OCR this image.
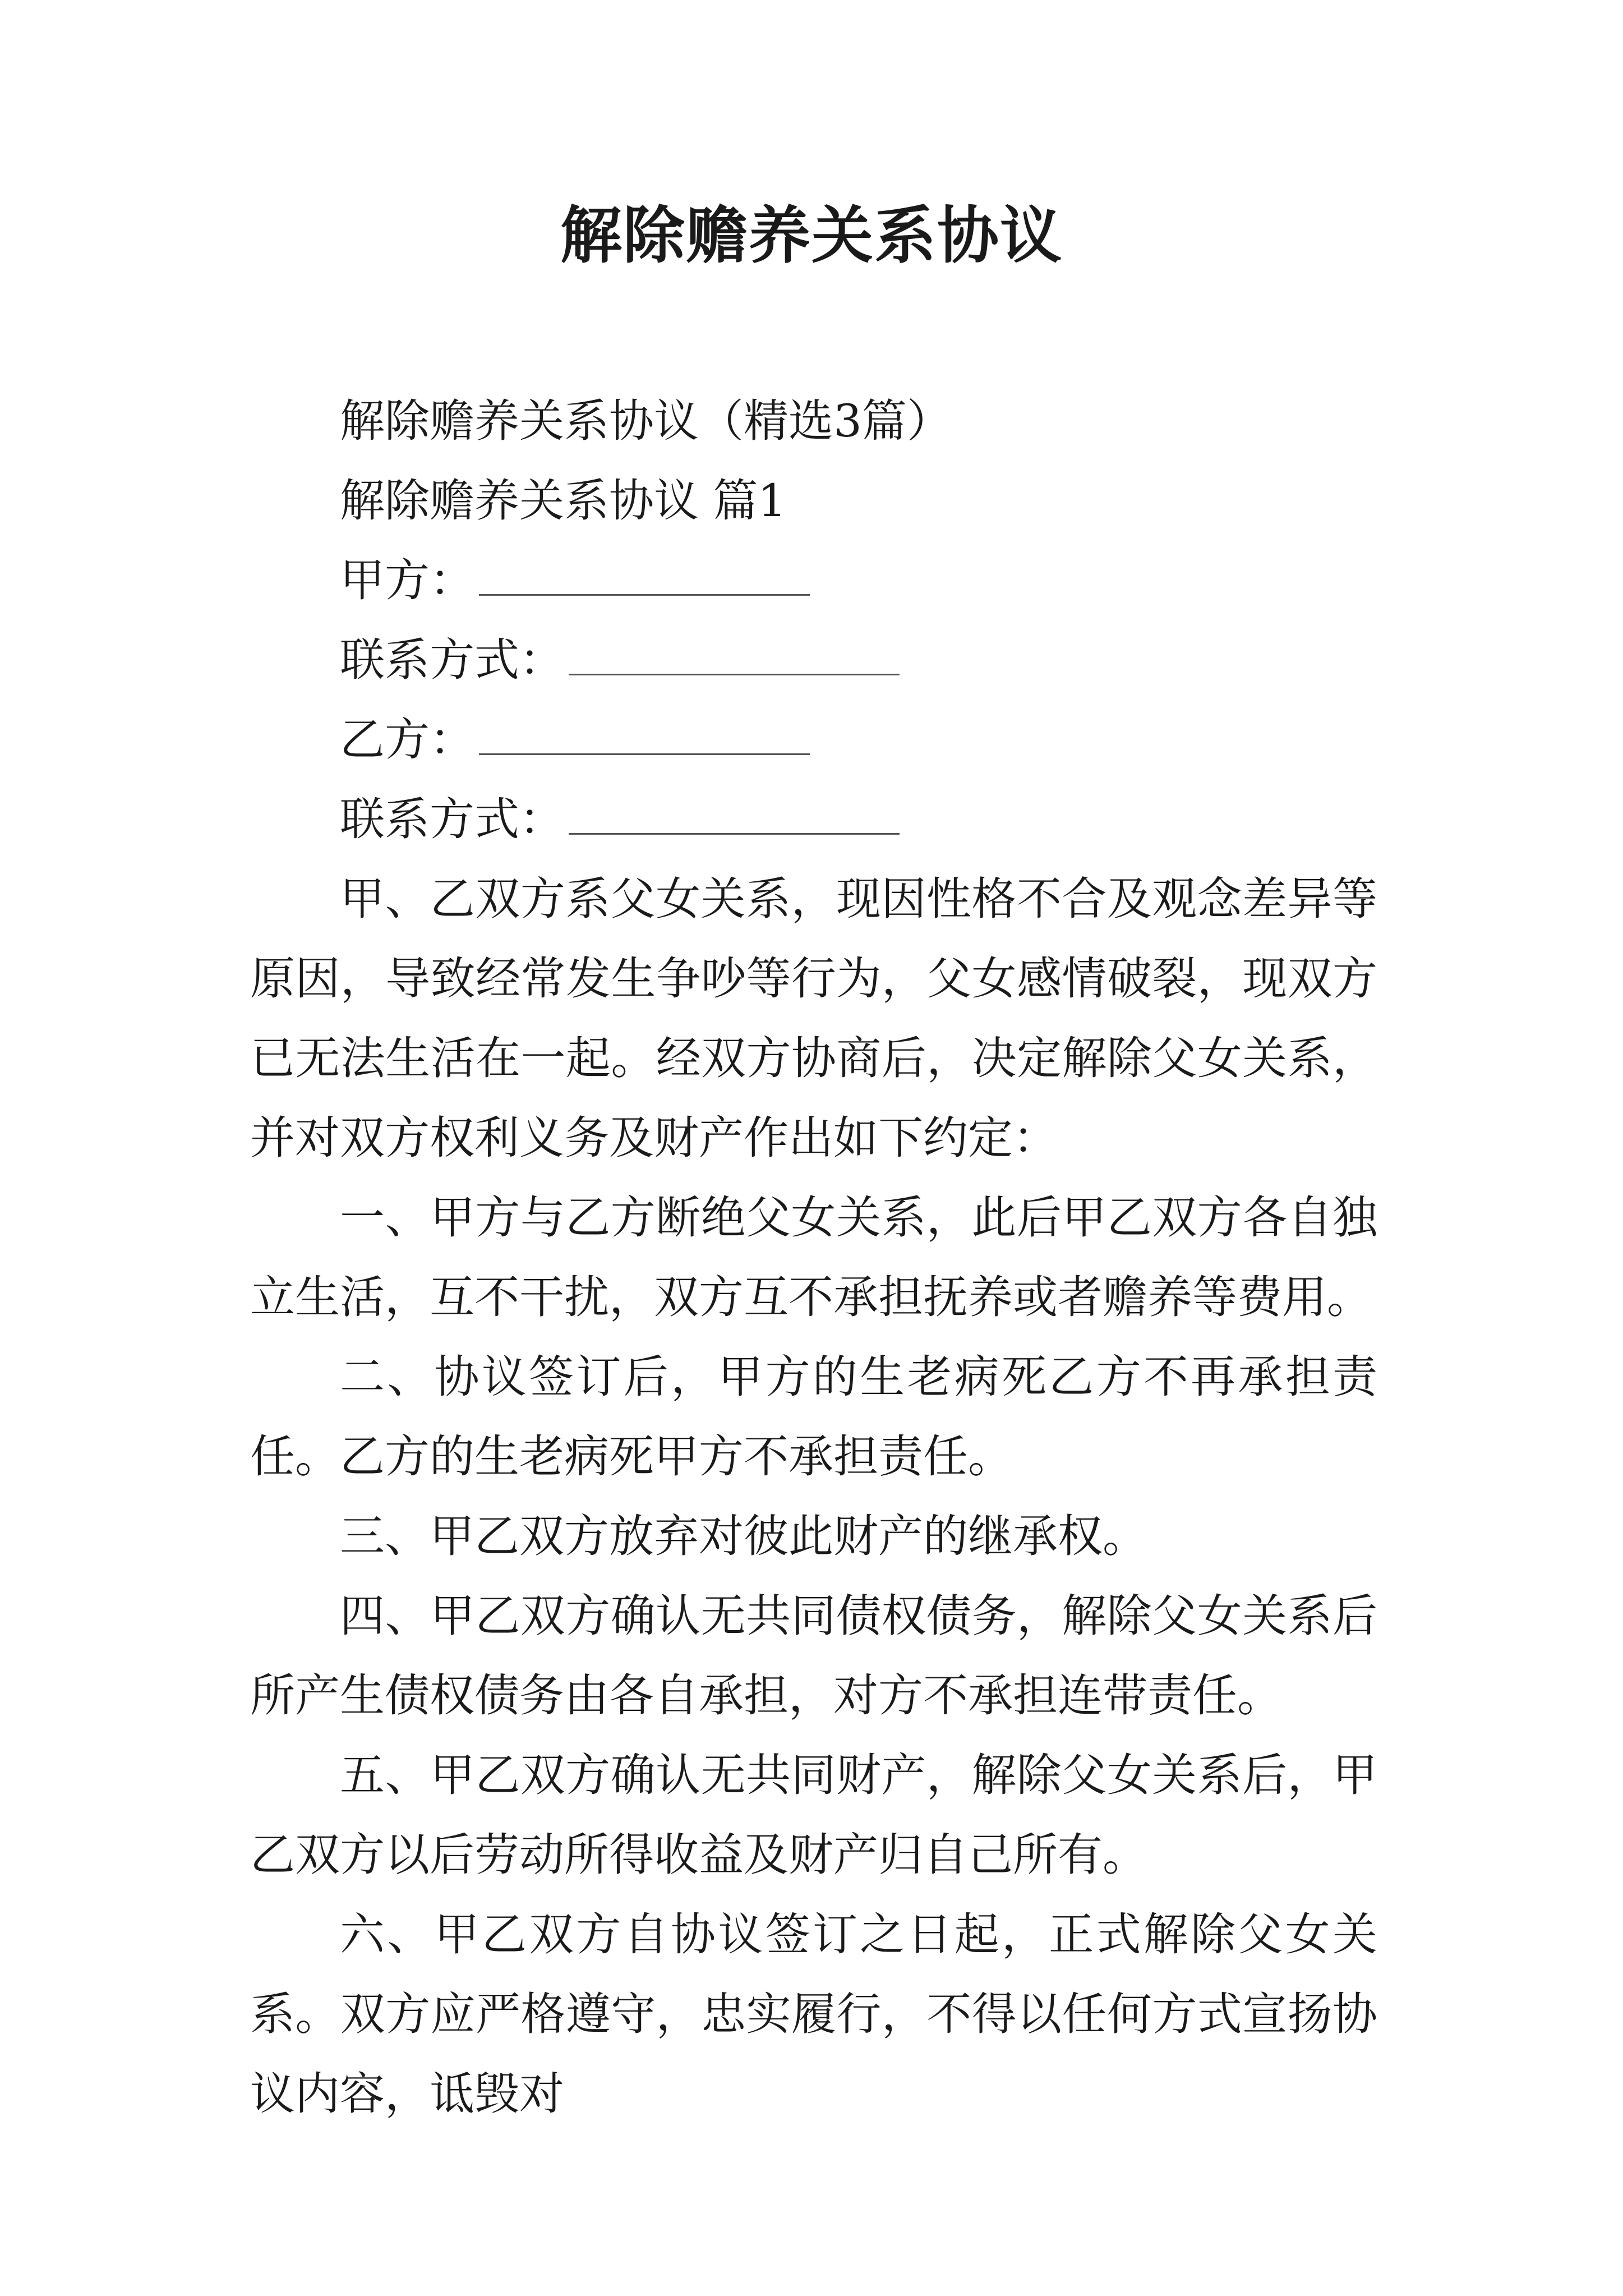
解除赡养关系协议
解除赡养关系协议（精选3篇）
解除赡养关系协议 篇1
甲方：
联系方式：
乙方：
联系方式：

甲、乙双方系父女关系，现因性格不合及观念差异等原因，导致经常发生争吵等行为，父女感情破裂，现双方已无法生活在一起。经双方协商后，决定解除父女关系，并对双方权利义务及财产作出如下约定：

一、甲方与乙方断绝父女关系，此后甲乙双方各自独立生活，互不干扰，双方互不承担抚养或者赡养等费用。

二、协议签订后，甲方的生老病死乙方不再承担责任。乙方的生老病死甲方不承担责任。

三、甲乙双方放弃对彼此财产的继承权。

四、甲乙双方确认无共同债权债务，解除父女关系后所产生债权债务由各自承担，对方不承担连带责任。

五、甲乙双方确认无共同财产，解除父女关系后，甲乙双方以后劳动所得收益及财产归自己所有。

六、甲乙双方自协议签订之日起，正式解除父女关系。双方应严格遵守，忠实履行，不得以任何方式宣扬协议内容，诋毁对
